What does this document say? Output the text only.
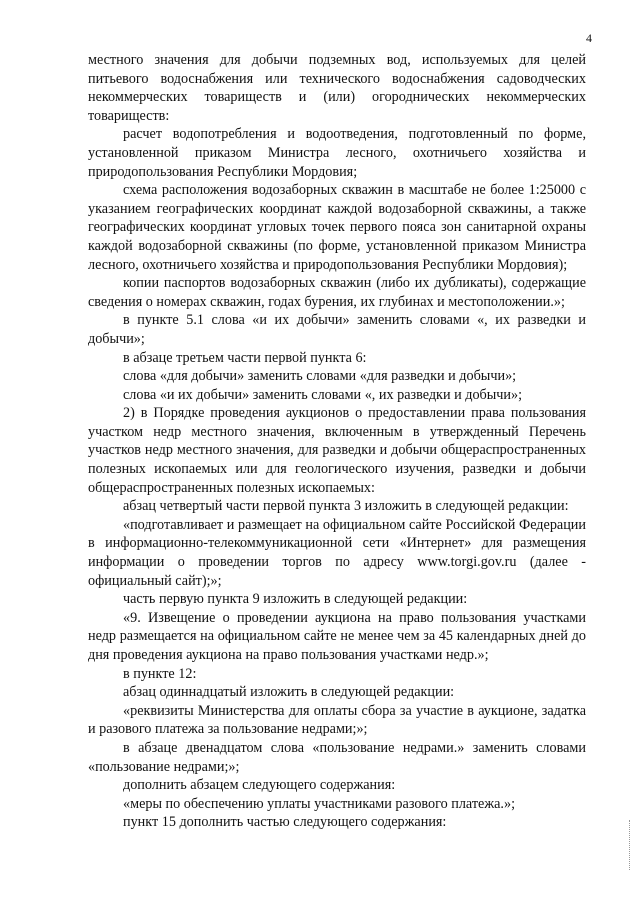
4

местного значения для добычи подземных вод, используемых для целей питьевого водоснабжения или технического водоснабжения садоводческих некоммерческих товариществ и (или) огороднических некоммерческих товариществ:

расчет водопотребления и водоотведения, подготовленный по форме, установленной приказом Министра лесного, охотничьего хозяйства и природопользования Республики Мордовия;

схема расположения водозаборных скважин в масштабе не более 1:25000 с указанием географических координат каждой водозаборной скважины, а также географических координат угловых точек первого пояса зон санитарной охраны каждой водозаборной скважины (по форме, установленной приказом Министра лесного, охотничьего хозяйства и природопользования Республики Мордовия);

копии паспортов водозаборных скважин (либо их дубликаты), содержащие сведения о номерах скважин, годах бурения, их глубинах и местоположении.»;

в пункте 5.1 слова «и их добычи» заменить словами «, их разведки и добычи»;

в абзаце третьем части первой пункта 6:

слова «для добычи» заменить словами «для разведки и добычи»;

слова «и их добычи» заменить словами «, их разведки и добычи»;

2) в Порядке проведения аукционов о предоставлении права пользования участком недр местного значения, включенным в утвержденный Перечень участков недр местного значения, для разведки и добычи общераспространенных полезных ископаемых или для геологического изучения, разведки и добычи общераспространенных полезных ископаемых:

абзац четвертый части первой пункта 3 изложить в следующей редакции:

«подготавливает и размещает на официальном сайте Российской Федерации в информационно-телекоммуникационной сети «Интернет» для размещения информации о проведении торгов по адресу www.torgi.gov.ru (далее - официальный сайт);»;

часть первую пункта 9 изложить в следующей редакции:

«9. Извещение о проведении аукциона на право пользования участками недр размещается на официальном сайте не менее чем за 45 календарных дней до дня проведения аукциона на право пользования участками недр.»;

в пункте 12:

абзац одиннадцатый изложить в следующей редакции:

«реквизиты Министерства для оплаты сбора за участие в аукционе, задатка и разового платежа за пользование недрами;»;

в абзаце двенадцатом слова «пользование недрами.» заменить словами «пользование недрами;»;

дополнить абзацем следующего содержания:

«меры по обеспечению уплаты участниками разового платежа.»;

пункт 15 дополнить частью следующего содержания:
